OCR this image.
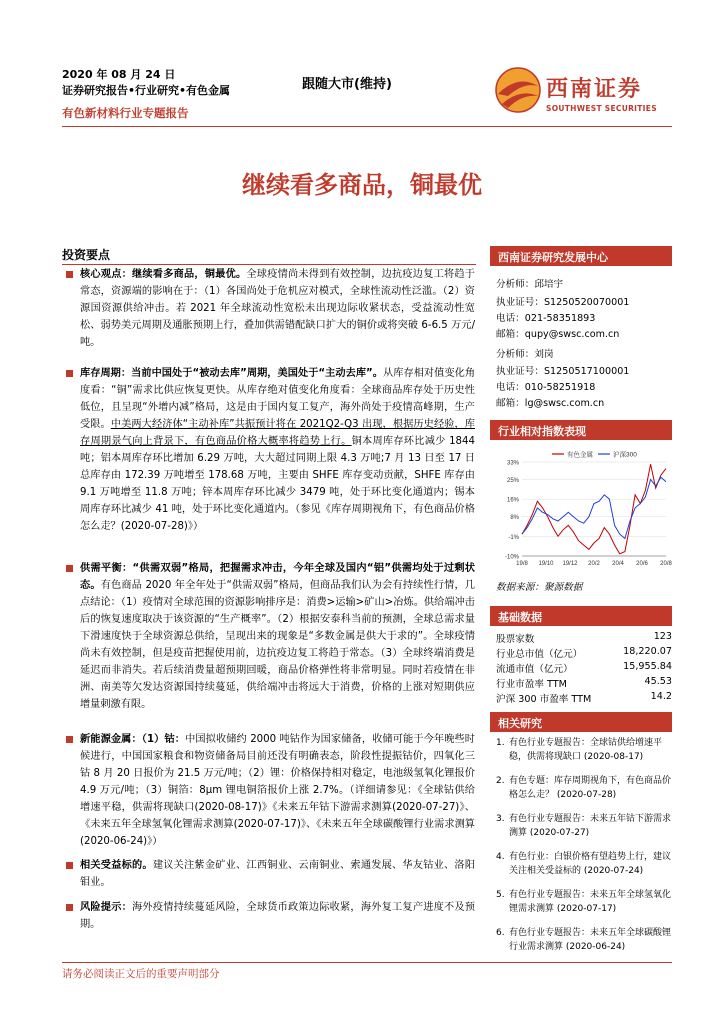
2020 年 08 月 24 日
证券研究报告•行业研究•有色金属
有色新材料行业专题报告
跟随大市(维持)	西南证券
SOUTHWEST SECURITIES
继续看多商品，铜最优
投资要点
核心观点：继续看多商品，铜最优。全球疫情尚未得到有效控制，边抗疫边复工将趋于常态，资源端的影响在于：（1）各国尚处于危机应对模式，全球性流动性泛滥。（2）资源国资源供给冲击。若 2021 年全球流动性宽松未出现边际收紧状态，受益流动性宽松、弱势美元周期及通胀预期上行，叠加供需错配缺口扩大的铜价或将突破 6-6.5 万元/吨。
库存周期：当前中国处于“被动去库”周期，美国处于“主动去库”。从库存相对值变化角度看：“铜”需求比供应恢复更快。从库存绝对值变化角度看：全球商品库存处于历史性低位，且呈现“外增内减”格局，这是由于国内复工复产，海外尚处于疫情高峰期，生产受限。中美两大经济体“主动补库”共振预计将在 2021Q2-Q3 出现，根据历史经验，库存周期景气向上背景下，有色商品价格大概率将趋势上行。铜本周库存环比减少 1844 吨；铝本周库存环比增加 6.29 万吨，大大超过同期上限 4.3 万吨;7 月 13 日至 17 日总库存由 172.39 万吨增至 178.68 万吨，主要由 SHFE 库存变动贡献，SHFE 库存由 9.1 万吨增至 11.8 万吨；锌本周库存环比减少 3479 吨，处于环比变化通道内；锡本周库存环比减少 41 吨，处于环比变化通道内。（参见《库存周期视角下，有色商品价格怎么走？(2020-07-28)》）
供需平衡：“供需双弱”格局，把握需求冲击，今年全球及国内“铝”供需均处于过剩状态。有色商品 2020 年全年处于“供需双弱”格局，但商品我们认为会有持续性行情，几点结论：（1）疫情对全球范围的资源影响排序是：消费>运输>矿山>冶炼。供给端冲击后的恢复速度取决于该资源的“生产概率”。（2）根据安泰科当前的预测，全球总需求量下滑速度快于全球资源总供给，呈现出来的现象是“多数金属是供大于求的”。全球疫情尚未有效控制，但是疫苗把握使用前，边抗疫边复工将趋于常态。（3）全球终端消费是延迟而非消失。若后续消费量超预期回暖，商品价格弹性将非常明显。同时若疫情在非洲、南美等欠发达资源国持续蔓延，供给端冲击将远大于消费，价格的上涨对短期供应增量刺激有限。
新能源金属：（1）钴：中国拟收储约 2000 吨钴作为国家储备，收储可能于今年晚些时候进行，中国国家粮食和物资储备局目前还没有明确表态，阶段性提振钴价，四氧化三钴 8 月 20 日报价为 21.5 万元/吨；（2）锂：价格保持相对稳定，电池级氢氧化锂报价 4.9 万元/吨；（3）铜箔：8μm 锂电铜箔报价上涨 2.7%。（详细请参见：《全球钴供给增速平稳，供需将现缺口(2020-08-17)》《未来五年钴下游需求测算(2020-07-27)》、《未来五年全球氢氧化锂需求测算(2020-07-17)》、《未来五年全球碳酸锂行业需求测算(2020-06-24)》）
相关受益标的。建议关注紫金矿业、江西铜业、云南铜业、索通发展、华友钴业、洛阳钼业。
风险提示：海外疫情持续蔓延风险，全球货币政策边际收紧，海外复工复产进度不及预期。
西南证券研究发展中心
分析师：邱培宇
执业证号：S1250520070001
电话：021-58351893
邮箱：qupy@swsc.com.cn
分析师：刘岗
执业证号：S1250517100001
电话：010-58251918
邮箱：lg@swsc.com.cn
行业相对指数表现
33%
25%
16%
8%
-1%
-10%
19/8 19/10 19/12 20/2 20/4 20/6 20/8
有色金属	沪深300
数据来源：聚源数据
基础数据
股票家数	123
行业总市值（亿元）	18,220.07
流通市值（亿元）	15,955.84
行业市盈率 TTM	45.53
沪深 300 市盈率 TTM	14.2
相关研究
1. 有色行业专题报告：全球钴供给增速平稳，供需将现缺口 (2020-08-17)
2. 有色专题：库存周期视角下，有色商品价格怎么走？ (2020-07-28)
3. 有色行业专题报告：未来五年钴下游需求测算 (2020-07-27)
4. 有色行业：白银价格有望趋势上行，建议关注相关受益标的 (2020-07-24)
5. 有色行业专题报告：未来五年全球氢氧化锂需求测算 (2020-07-17)
6. 有色行业专题报告：未来五年全球碳酸锂行业需求测算 (2020-06-24)
请务必阅读正文后的重要声明部分
